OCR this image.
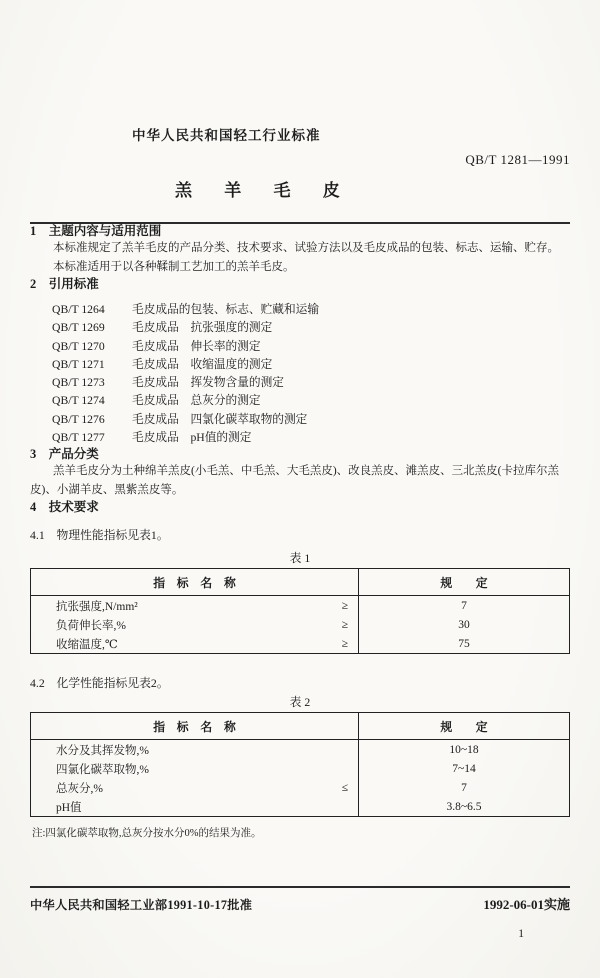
中华人民共和国轻工行业标准
QB/T 1281—1991
羔 羊 毛 皮
1　主题内容与适用范围

本标准规定了羔羊毛皮的产品分类、技术要求、试验方法以及毛皮成品的包装、标志、运输、贮存。

本标准适用于以各种鞣制工艺加工的羔羊毛皮。

2　引用标准
QB/T 1264 毛皮成品的包装、标志、贮藏和运输
QB/T 1269 毛皮成品　抗张强度的测定
QB/T 1270 毛皮成品　伸长率的测定
QB/T 1271 毛皮成品　收缩温度的测定
QB/T 1273 毛皮成品　挥发物含量的测定
QB/T 1274 毛皮成品　总灰分的测定
QB/T 1276 毛皮成品　四氯化碳萃取物的测定
QB/T 1277 毛皮成品　pH值的测定
3　产品分类

羔羊毛皮分为土种绵羊羔皮(小毛羔、中毛羔、大毛羔皮)、改良羔皮、滩羔皮、三北羔皮(卡拉库尔羔皮)、小湖羊皮、黑紫羔皮等。

4　技术要求

4.1　物理性能指标见表1。

表 1
指　标　名　称		规　　定
抗张强度,N/mm²	≥	7
负荷伸长率,%	≥	30
收缩温度,℃	≥	75

4.2　化学性能指标见表2。

表 2
指　标　名　称		规　　定
水分及其挥发物,%		10~18
四氯化碳萃取物,%		7~14
总灰分,%	≤	7
pH值		3.8~6.5

注:四氯化碳萃取物,总灰分按水分0%的结果为准。

中华人民共和国轻工业部1991-10-17批准	1992-06-01实施
1
